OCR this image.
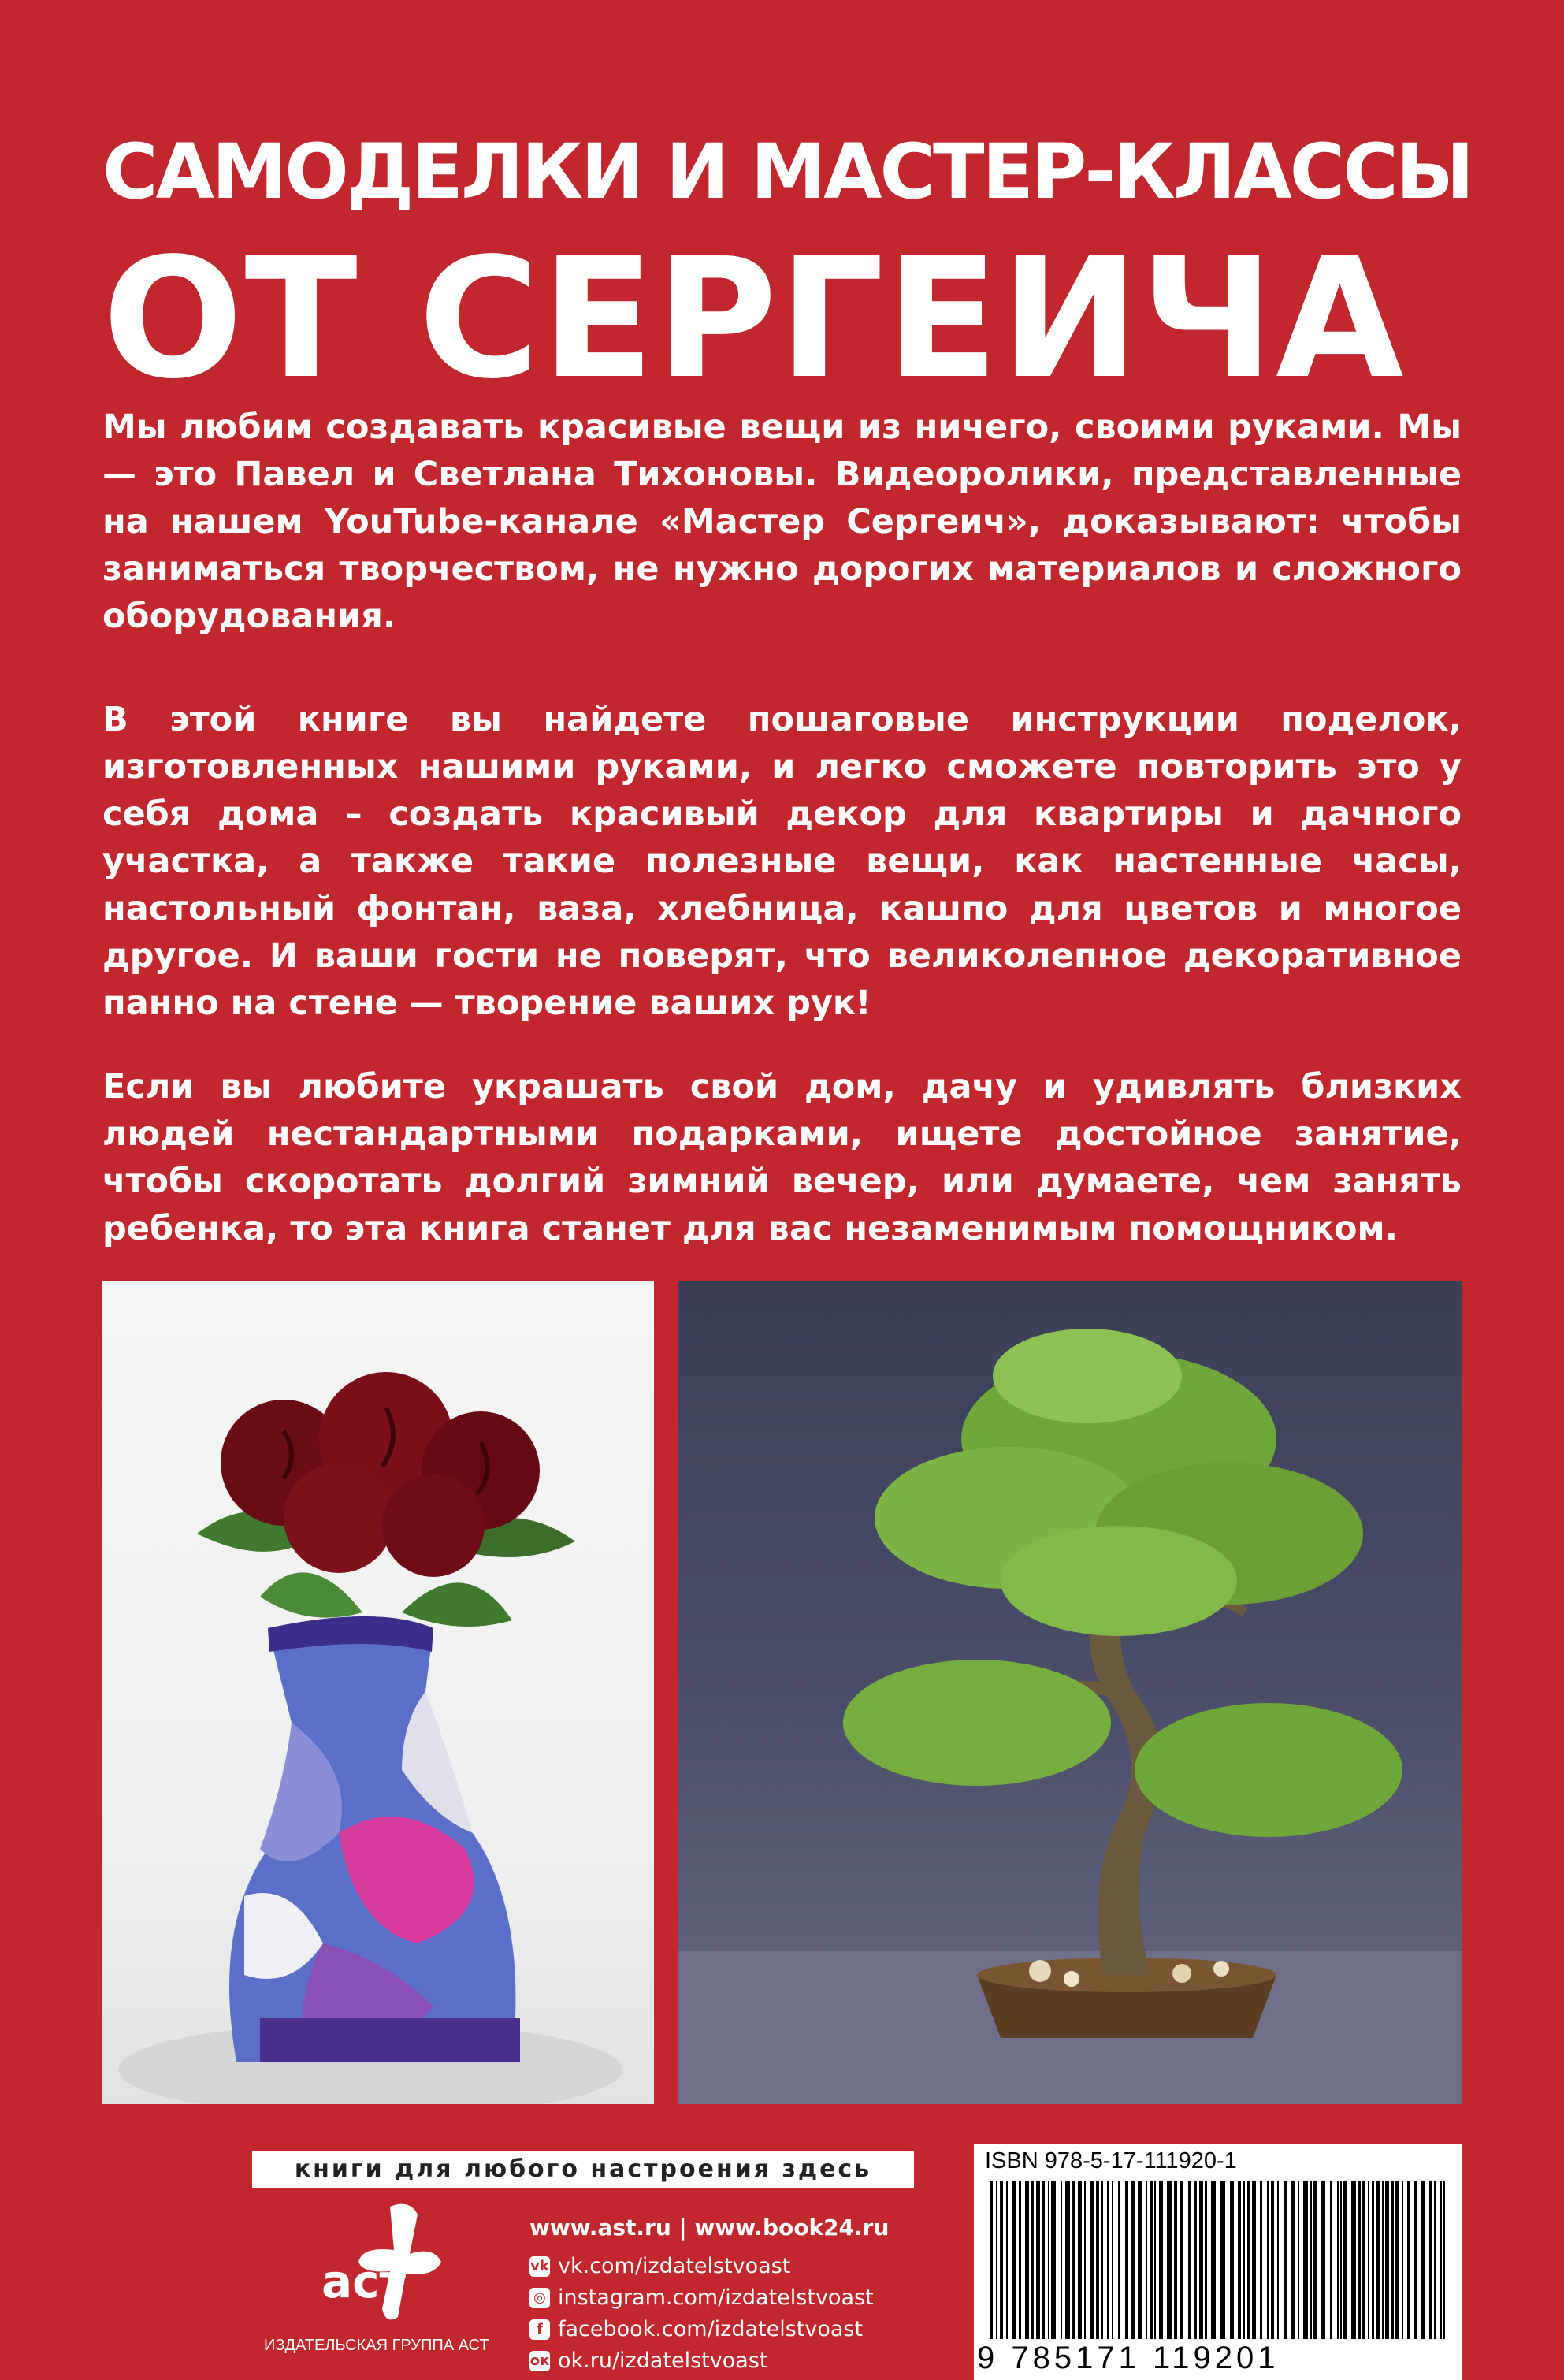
САМОДЕЛКИ И МАСТЕР-КЛАССЫ
ОТ СЕРГЕИЧА

Мы любим создавать красивые вещи из ничего, своими руками. Мы — это Павел и Светлана Тихоновы. Видеоролики, представленные на нашем YouTube-канале «Мастер Сергеич», доказывают: чтобы заниматься творчеством, не нужно дорогих материалов и сложного оборудования.

В этой книге вы найдете пошаговые инструкции поделок, изготовленных нашими руками, и легко сможете повторить это у себя дома – создать красивый декор для квартиры и дачного участка, а также такие полезные вещи, как настенные часы, настольный фонтан, ваза, хлебница, кашпо для цветов и многое другое. И ваши гости не поверят, что великолепное декоративное панно на стене — творение ваших рук!

Если вы любите украшать свой дом, дачу и удивлять близких людей нестандартными подарками, ищете достойное занятие, чтобы скоротать долгий зимний вечер, или думаете, чем занять ребенка, то эта книга станет для вас незаменимым помощником.

книги для любого настроения здесь
аст
ИЗДАТЕЛЬСКАЯ ГРУППА АСТ
www.ast.ru | www.book24.ru
vk vk.com/izdatelstvoast
◎ instagram.com/izdatelstvoast
f facebook.com/izdatelstvoast
ок ok.ru/izdatelstvoast
ISBN 978-5-17-111920-1
9 785171 119201
